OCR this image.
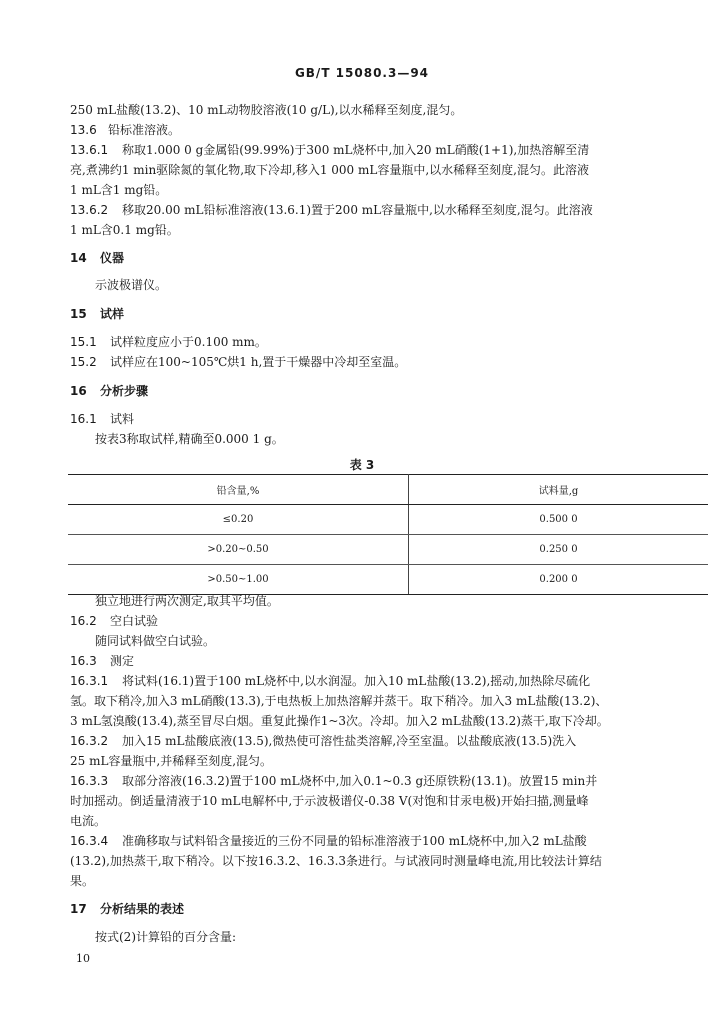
GB/T 15080.3—94
250 mL盐酸(13.2)、10 mL动物胶溶液(10 g/L),以水稀释至刻度,混匀。
13.6 铅标准溶液。
13.6.1 称取1.000 0 g金属铅(99.99%)于300 mL烧杯中,加入20 mL硝酸(1+1),加热溶解至清
亮,煮沸约1 min驱除氮的氧化物,取下冷却,移入1 000 mL容量瓶中,以水稀释至刻度,混匀。此溶液
1 mL含1 mg铅。
13.6.2 移取20.00 mL铅标准溶液(13.6.1)置于200 mL容量瓶中,以水稀释至刻度,混匀。此溶液
1 mL含0.1 mg铅。
14 仪器
示波极谱仪。
15 试样
15.1 试样粒度应小于0.100 mm。
15.2 试样应在100~105℃烘1 h,置于干燥器中冷却至室温。
16 分析步骤
16.1 试料
按表3称取试样,精确至0.000 1 g。
表 3
铅含量,%	试料量,g
≤0.20	0.500 0
>0.20~0.50	0.250 0
>0.50~1.00	0.200 0
独立地进行两次测定,取其平均值。
16.2 空白试验
随同试料做空白试验。
16.3 测定
16.3.1 将试料(16.1)置于100 mL烧杯中,以水润湿。加入10 mL盐酸(13.2),摇动,加热除尽硫化
氢。取下稍冷,加入3 mL硝酸(13.3),于电热板上加热溶解并蒸干。取下稍冷。加入3 mL盐酸(13.2)、
3 mL氢溴酸(13.4),蒸至冒尽白烟。重复此操作1~3次。冷却。加入2 mL盐酸(13.2)蒸干,取下冷却。
16.3.2 加入15 mL盐酸底液(13.5),微热使可溶性盐类溶解,冷至室温。以盐酸底液(13.5)洗入
25 mL容量瓶中,并稀释至刻度,混匀。
16.3.3 取部分溶液(16.3.2)置于100 mL烧杯中,加入0.1~0.3 g还原铁粉(13.1)。放置15 min并
时加摇动。倒适量清液于10 mL电解杯中,于示波极谱仪-0.38 V(对饱和甘汞电极)开始扫描,测量峰
电流。
16.3.4 准确移取与试料铅含量接近的三份不同量的铅标准溶液于100 mL烧杯中,加入2 mL盐酸
(13.2),加热蒸干,取下稍冷。以下按16.3.2、16.3.3条进行。与试液同时测量峰电流,用比较法计算结
果。
17 分析结果的表述
按式(2)计算铅的百分含量:
10
